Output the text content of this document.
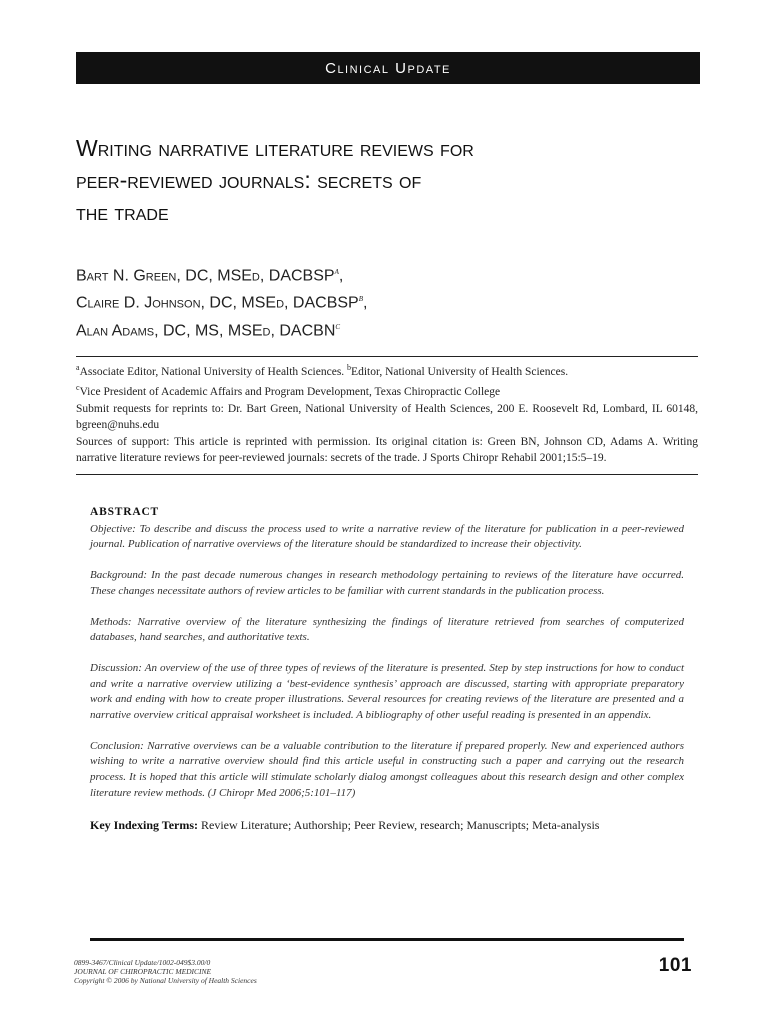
Clinical Update
Writing narrative literature reviews for
peer-reviewed journals: secrets of
the trade
Bart N. Green, DC, MSEd, DACBSP$^a$,
Claire D. Johnson, DC, MSEd, DACBSP$^b$,
Alan Adams, DC, MS, MSEd, DACBN$^c$

$^a$Associate Editor, National University of Health Sciences. $^b$Editor, National University of Health Sciences.

$^c$Vice President of Academic Affairs and Program Development, Texas Chiropractic College

Submit requests for reprints to: Dr. Bart Green, National University of Health Sciences, 200 E. Roosevelt Rd, Lombard, IL 60148, bgreen@nuhs.edu

Sources of support: This article is reprinted with permission. Its original citation is: Green BN, Johnson CD, Adams A. Writing narrative literature reviews for peer-reviewed journals: secrets of the trade. J Sports Chiropr Rehabil 2001;15:5–19.

ABSTRACT

Objective: To describe and discuss the process used to write a narrative review of the literature for publication in a peer-reviewed journal. Publication of narrative overviews of the literature should be standardized to increase their objectivity.

Background: In the past decade numerous changes in research methodology pertaining to reviews of the literature have occurred. These changes necessitate authors of review articles to be familiar with current standards in the publication process.

Methods: Narrative overview of the literature synthesizing the findings of literature retrieved from searches of computerized databases, hand searches, and authoritative texts.

Discussion: An overview of the use of three types of reviews of the literature is presented. Step by step instructions for how to conduct and write a narrative overview utilizing a ‘best-evidence synthesis’ approach are discussed, starting with appropriate preparatory work and ending with how to create proper illustrations. Several resources for creating reviews of the literature are presented and a narrative overview critical appraisal worksheet is included. A bibliography of other useful reading is presented in an appendix.

Conclusion: Narrative overviews can be a valuable contribution to the literature if prepared properly. New and experienced authors wishing to write a narrative overview should find this article useful in constructing such a paper and carrying out the research process. It is hoped that this article will stimulate scholarly dialog amongst colleagues about this research design and other complex literature review methods. (J Chiropr Med 2006;5:101–117)

Key Indexing Terms: Review Literature; Authorship; Peer Review, research; Manuscripts; Meta-analysis

0899-3467/Clinical Update/1002-049$3.00/0
JOURNAL OF CHIROPRACTIC MEDICINE
Copyright © 2006 by National University of Health Sciences
101
